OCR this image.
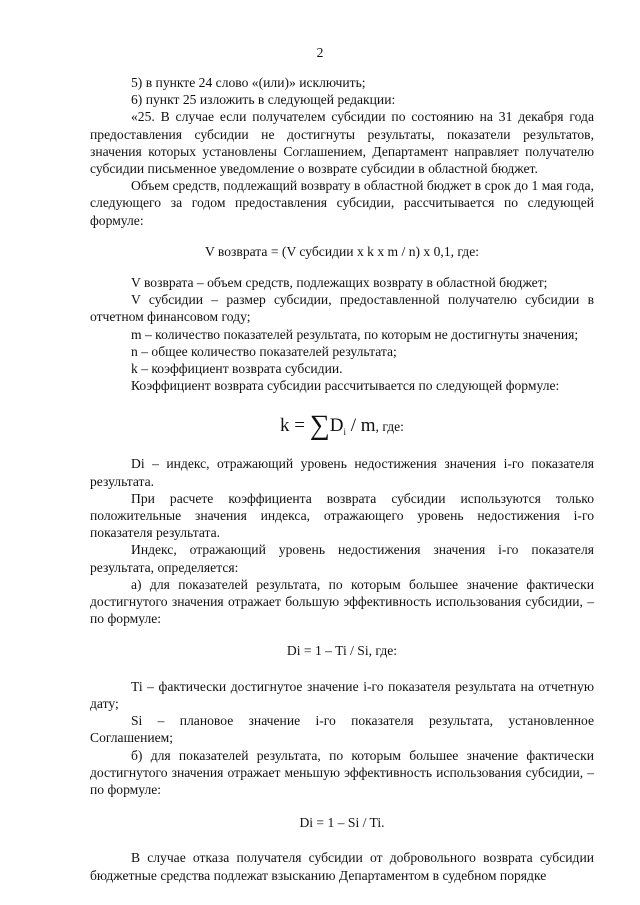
2

5) в пункте 24 слово «(или)» исключить;

6) пункт 25 изложить в следующей редакции:

«25. В случае если получателем субсидии по состоянию на 31 декабря года предоставления субсидии не достигнуты результаты, показатели результатов, значения которых установлены Соглашением, Департамент направляет получателю субсидии письменное уведомление о возврате субсидии в областной бюджет.

Объем средств, подлежащий возврату в областной бюджет в срок до 1 мая года, следующего за годом предоставления субсидии, рассчитывается по следующей формуле:

V возврата = (V субсидии x k x m / n) x 0,1, где:

V возврата – объем средств, подлежащих возврату в областной бюджет;

V субсидии – размер субсидии, предоставленной получателю субсидии в отчетном финансовом году;

m – количество показателей результата, по которым не достигнуты значения;

n – общее количество показателей результата;

k – коэффициент возврата субсидии.

Коэффициент возврата субсидии рассчитывается по следующей формуле:

$k = \sum D_i / m$, где:

Di – индекс, отражающий уровень недостижения значения i-го показателя результата.

При расчете коэффициента возврата субсидии используются только положительные значения индекса, отражающего уровень недостижения i-го показателя результата.

Индекс, отражающий уровень недостижения значения i-го показателя результата, определяется:

а) для показателей результата, по которым большее значение фактически достигнутого значения отражает большую эффективность использования субсидии, – по формуле:

Di = 1 – Ti / Si, где:

Ti – фактически достигнутое значение i-го показателя результата на отчетную дату;

Si – плановое значение i-го показателя результата, установленное Соглашением;

б) для показателей результата, по которым большее значение фактически достигнутого значения отражает меньшую эффективность использования субсидии, – по формуле:

Di = 1 – Si / Ti.

В случае отказа получателя субсидии от добровольного возврата субсидии бюджетные средства подлежат взысканию Департаментом в судебном порядке
